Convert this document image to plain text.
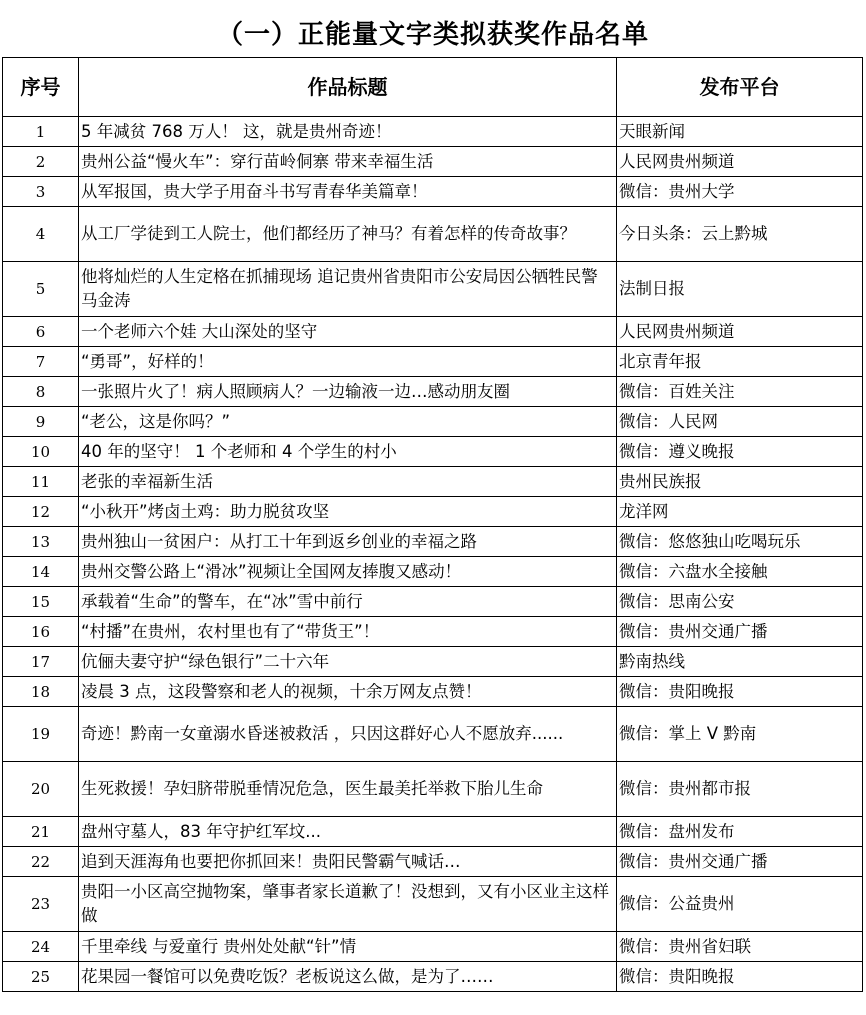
（一）正能量文字类拟获奖作品名单
序号	作品标题	发布平台
1	5 年减贫 768 万人！ 这，就是贵州奇迹！	天眼新闻
2	贵州公益“慢火车”：穿行苗岭侗寨 带来幸福生活	人民网贵州频道
3	从军报国，贵大学子用奋斗书写青春华美篇章！	微信：贵州大学
4	从工厂学徒到工人院士，他们都经历了神马？有着怎样的传奇故事？	今日头条：云上黔城
5	他将灿烂的人生定格在抓捕现场 追记贵州省贵阳市公安局因公牺牲民警马金涛	法制日报
6	一个老师六个娃 大山深处的坚守	人民网贵州频道
7	“勇哥”，好样的！	北京青年报
8	一张照片火了！病人照顾病人？一边输液一边…感动朋友圈	微信：百姓关注
9	“老公，这是你吗？”	微信：人民网
10	40 年的坚守！ 1 个老师和 4 个学生的村小	微信：遵义晚报
11	老张的幸福新生活	贵州民族报
12	“小秋开”烤卤土鸡：助力脱贫攻坚	龙洋网
13	贵州独山一贫困户：从打工十年到返乡创业的幸福之路	微信：悠悠独山吃喝玩乐
14	贵州交警公路上“滑冰”视频让全国网友捧腹又感动！	微信：六盘水全接触
15	承载着“生命”的警车，在“冰”雪中前行	微信：思南公安
16	“村播”在贵州，农村里也有了“带货王”！	微信：贵州交通广播
17	伉俪夫妻守护“绿色银行”二十六年	黔南热线
18	凌晨 3 点，这段警察和老人的视频，十余万网友点赞！	微信：贵阳晚报
19	奇迹！黔南一女童溺水昏迷被救活 ，只因这群好心人不愿放弃......	微信：掌上 V 黔南
20	生死救援！孕妇脐带脱垂情况危急，医生最美托举救下胎儿生命	微信：贵州都市报
21	盘州守墓人，83 年守护红军坟...	微信：盘州发布
22	追到天涯海角也要把你抓回来！贵阳民警霸气喊话…	微信：贵州交通广播
23	贵阳一小区高空抛物案，肇事者家长道歉了！没想到，又有小区业主这样做	微信：公益贵州
24	千里牵线 与爱童行 贵州处处献“针”情	微信：贵州省妇联
25	花果园一餐馆可以免费吃饭？老板说这么做，是为了……	微信：贵阳晚报
